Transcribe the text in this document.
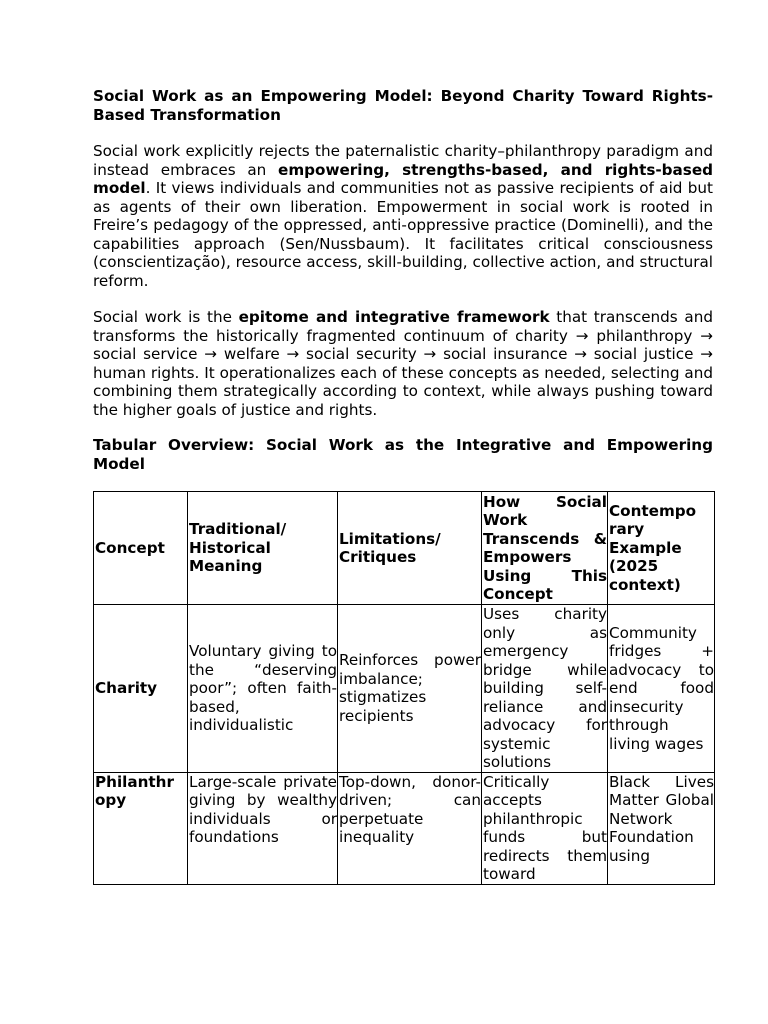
Social Work as an Empowering Model: Beyond Charity Toward Rights-Based Transformation

Social work explicitly rejects the paternalistic charity–philanthropy paradigm and instead embraces an empowering, strengths-based, and rights-based model. It views individuals and communities not as passive recipients of aid but as agents of their own liberation. Empowerment in social work is rooted in Freire’s pedagogy of the oppressed, anti-oppressive practice (Dominelli), and the capabilities approach (Sen/Nussbaum). It facilitates critical consciousness (conscientização), resource access, skill-building, collective action, and structural reform.

Social work is the epitome and integrative framework that transcends and transforms the historically fragmented continuum of charity → philanthropy → social service → welfare → social security → social insurance → social justice → human rights. It operationalizes each of these concepts as needed, selecting and combining them strategically according to context, while always pushing toward the higher goals of justice and rights.

Tabular Overview: Social Work as the Integrative and Empowering Model

Concept	Traditional/ Historical Meaning	Limitations/ Critiques	How Social Work Transcends & Empowers Using This Concept	Contempo rary Example (2025 context)
Charity	Voluntary giving to the “deserving poor”; often faith-based, individualistic	Reinforces power imbalance; stigmatizes recipients	Uses charity only as emergency bridge while building self-reliance and advocacy for systemic solutions	Community fridges + advocacy to end food insecurity through living wages
Philanthr opy	Large-scale private giving by wealthy individuals or foundations	Top-down, donor-driven; can perpetuate inequality	Critically accepts philanthropic funds but redirects them toward	Black Lives Matter Global Network Foundation using
